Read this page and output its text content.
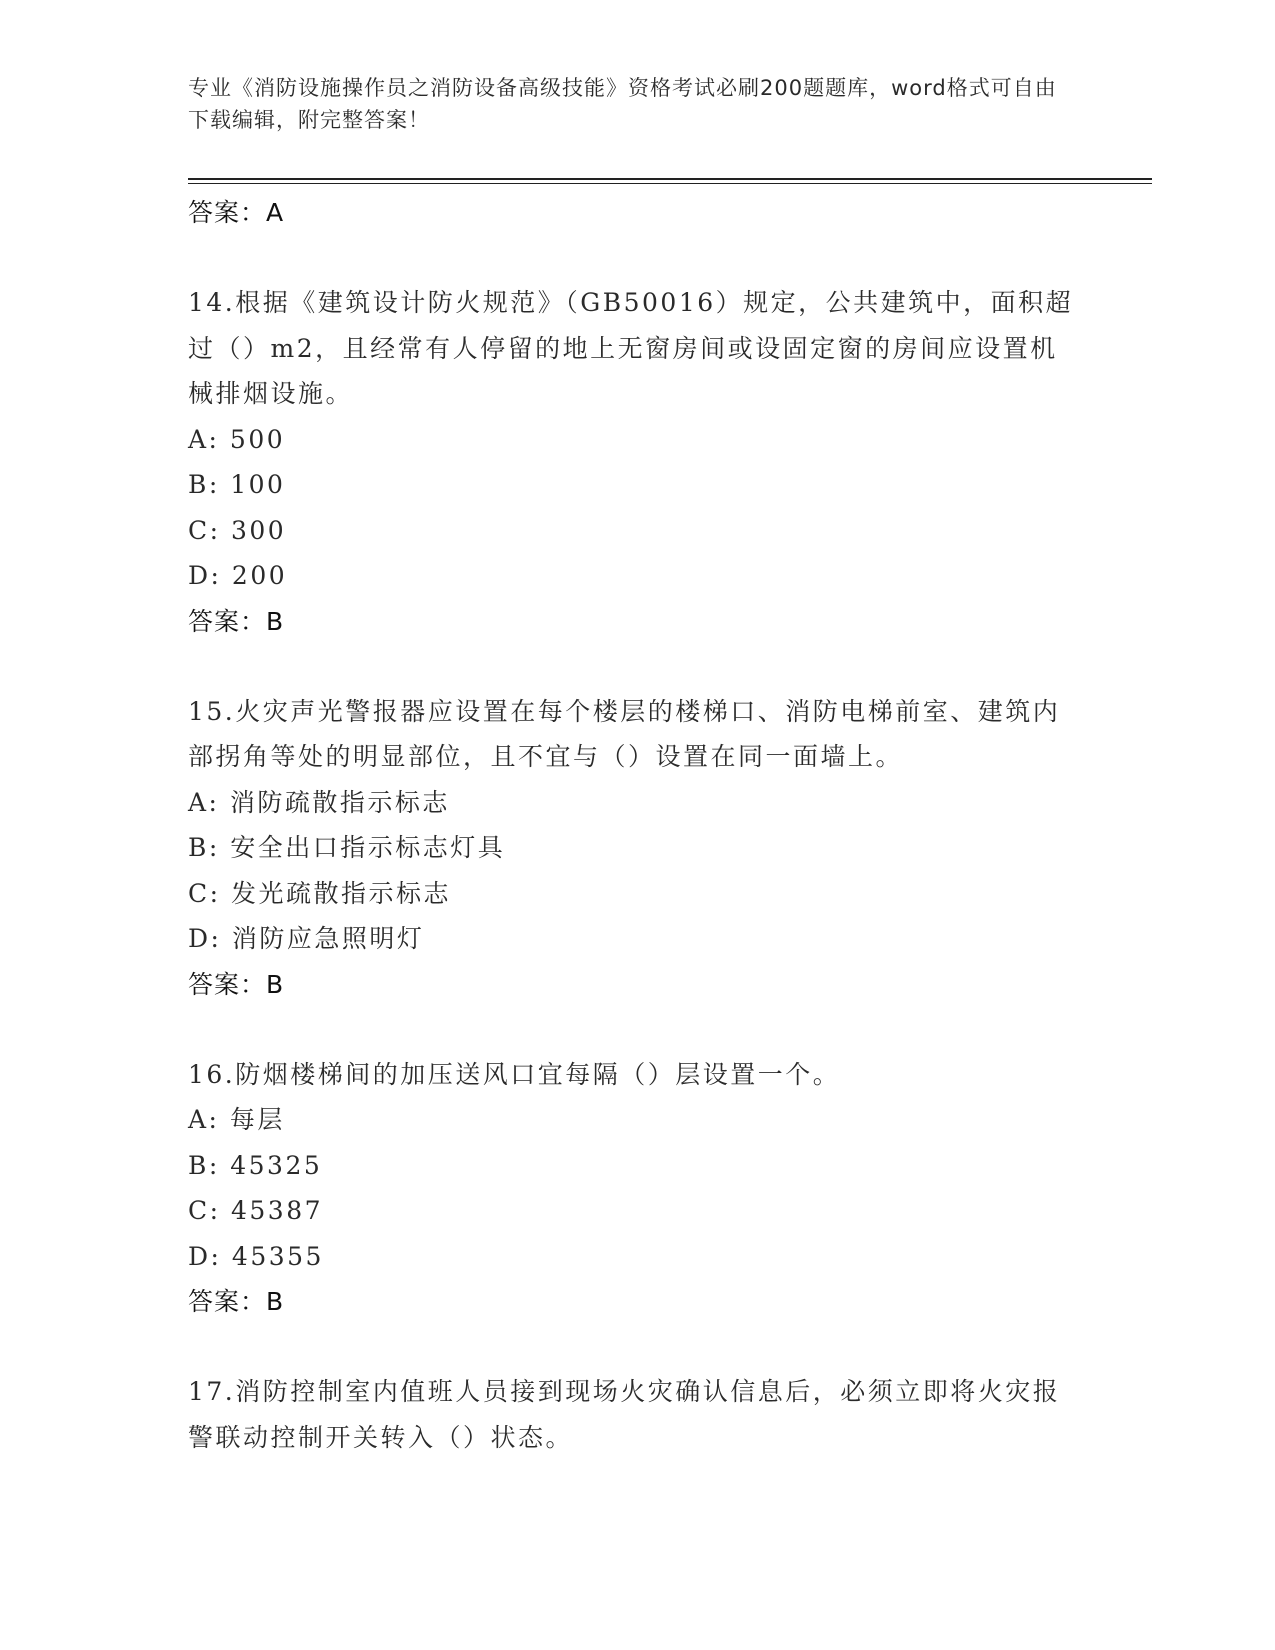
专业《消防设施操作员之消防设备高级技能》资格考试必刷200题题库，word格式可自由下载编辑，附完整答案！
答案：A
14.根据《建筑设计防火规范》（GB50016）规定，公共建筑中，面积超过（）m2，且经常有人停留的地上无窗房间或设固定窗的房间应设置机械排烟设施。
A: 500
B: 100
C: 300
D: 200
答案：B
15.火灾声光警报器应设置在每个楼层的楼梯口、消防电梯前室、建筑内部拐角等处的明显部位，且不宜与（）设置在同一面墙上。
A: 消防疏散指示标志
B: 安全出口指示标志灯具
C: 发光疏散指示标志
D: 消防应急照明灯
答案：B
16.防烟楼梯间的加压送风口宜每隔（）层设置一个。
A: 每层
B: 45325
C: 45387
D: 45355
答案：B
17.消防控制室内值班人员接到现场火灾确认信息后，必须立即将火灾报警联动控制开关转入（）状态。
